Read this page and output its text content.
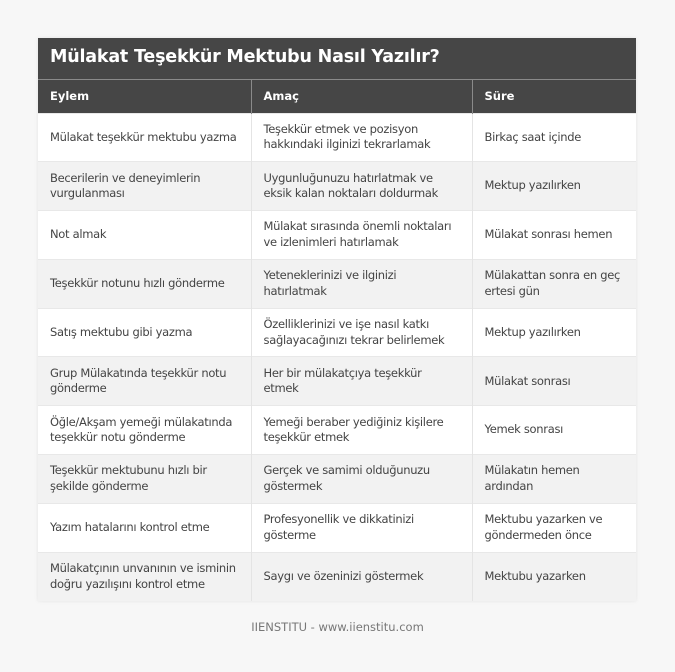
Mülakat Teşekkür Mektubu Nasıl Yazılır?
Eylem	Amaç	Süre
Mülakat teşekkür mektubu yazma	Teşekkür etmek ve pozisyon hakkındaki ilginizi tekrarlamak	Birkaç saat içinde
Becerilerin ve deneyimlerin vurgulanması	Uygunluğunuzu hatırlatmak ve eksik kalan noktaları doldurmak	Mektup yazılırken
Not almak	Mülakat sırasında önemli noktaları ve izlenimleri hatırlamak	Mülakat sonrası hemen
Teşekkür notunu hızlı gönderme	Yeteneklerinizi ve ilginizi hatırlatmak	Mülakattan sonra en geç ertesi gün
Satış mektubu gibi yazma	Özelliklerinizi ve işe nasıl katkı sağlayacağınızı tekrar belirlemek	Mektup yazılırken
Grup Mülakatında teşekkür notu gönderme	Her bir mülakatçıya teşekkür etmek	Mülakat sonrası
Öğle/Akşam yemeği mülakatında teşekkür notu gönderme	Yemeği beraber yediğiniz kişilere teşekkür etmek	Yemek sonrası
Teşekkür mektubunu hızlı bir şekilde gönderme	Gerçek ve samimi olduğunuzu göstermek	Mülakatın hemen ardından
Yazım hatalarını kontrol etme	Profesyonellik ve dikkatinizi gösterme	Mektubu yazarken ve göndermeden önce
Mülakatçının unvanının ve isminin doğru yazılışını kontrol etme	Saygı ve özeninizi göstermek	Mektubu yazarken
IIENSTITU - www.iienstitu.com
